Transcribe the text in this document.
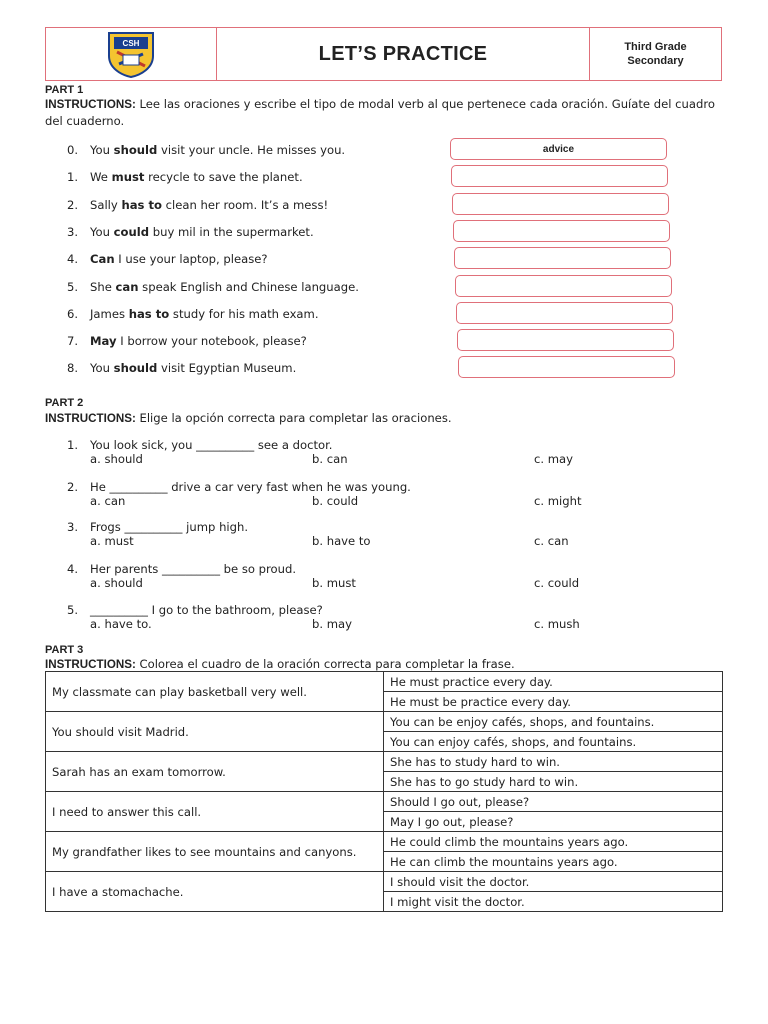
CSH	LET’S PRACTICE	Third Grade
Secondary
PART 1
INSTRUCTIONS: Lee las oraciones y escribe el tipo de modal verb al que pertenece cada oración. Guíate del cuadro del cuaderno.
0. You should visit your uncle. He misses you.	advice
1. We must recycle to save the planet.
2. Sally has to clean her room. It’s a mess!
3. You could buy mil in the supermarket.
4. Can I use your laptop, please?
5. She can speak English and Chinese language.
6. James has to study for his math exam.
7. May I borrow your notebook, please?
8. You should visit Egyptian Museum.
PART 2
INSTRUCTIONS: Elige la opción correcta para completar las oraciones.
1. You look sick, you __________ see a doctor.
a. should	b. can	c. may
2. He __________ drive a car very fast when he was young.
a. can	b. could	c. might
3. Frogs __________ jump high.
a. must	b. have to	c. can
4. Her parents __________ be so proud.
a. should	b. must	c. could
5. __________ I go to the bathroom, please?
a. have to.	b. may	c. mush
PART 3
INSTRUCTIONS: Colorea el cuadro de la oración correcta para completar la frase.
My classmate can play basketball very well.	He must practice every day.
	He must be practice every day.
You should visit Madrid.	You can be enjoy cafés, shops, and fountains.
	You can enjoy cafés, shops, and fountains.
Sarah has an exam tomorrow.	She has to study hard to win.
	She has to go study hard to win.
I need to answer this call.	Should I go out, please?
	May I go out, please?
My grandfather likes to see mountains and canyons.	He could climb the mountains years ago.
	He can climb the mountains years ago.
I have a stomachache.	I should visit the doctor.
	I might visit the doctor.
